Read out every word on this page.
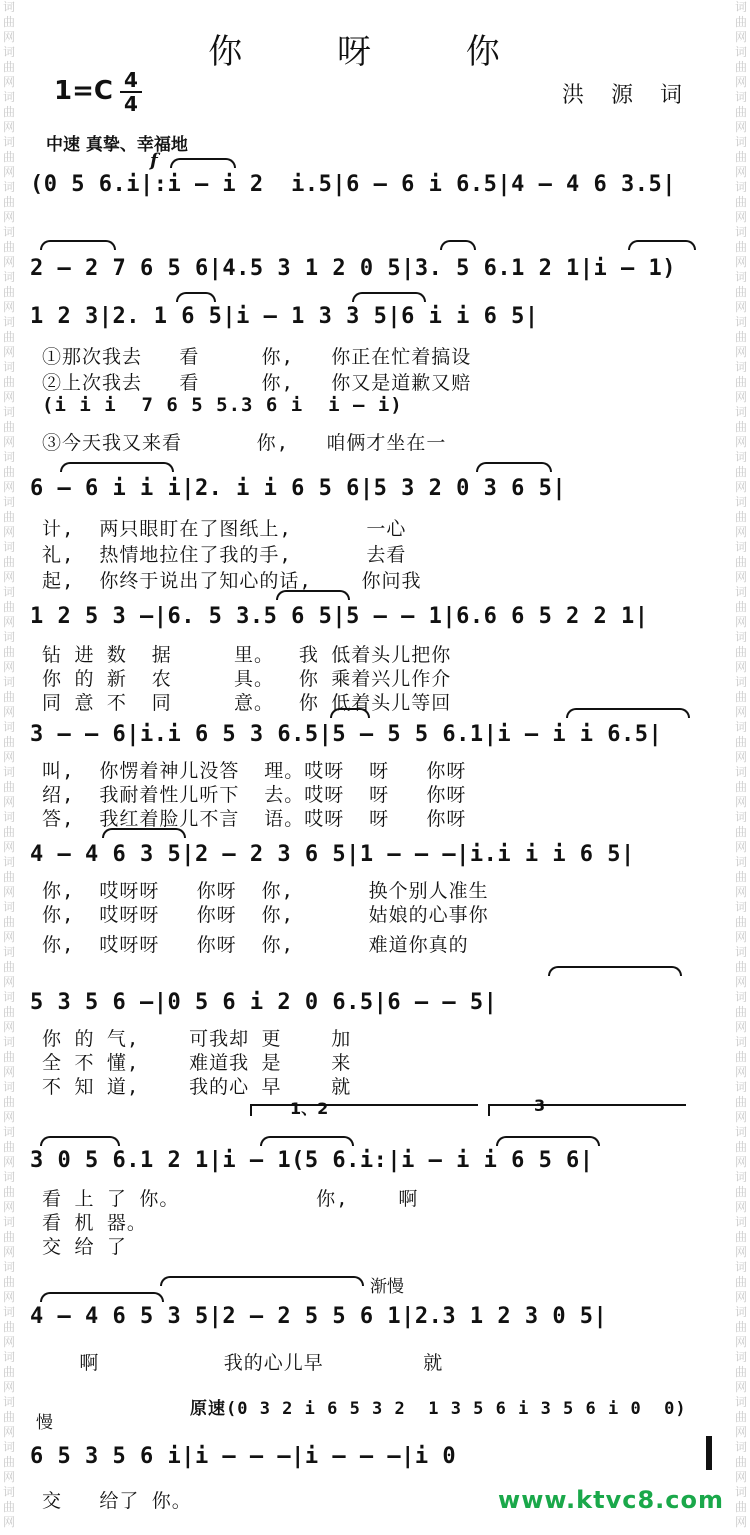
词
曲
网
词
曲
网
词
曲
网
词
曲
网
词
曲
网
词
曲
网
词
曲
网
词
曲
网
词
曲
网
词
曲
网
词
曲
网
词
曲
网
词
曲
网
词
曲
网
词
曲
网
词
曲
网
词
曲
网
词
曲
网
词
曲
网
词
曲
网
词
曲
网
词
曲
网
词
曲
网
词
曲
网
词
曲
网
词
曲
网
词
曲
网
词
曲
网
词
曲
网
词
曲
网
词
曲
网
词
曲
网
词
曲
网
词
曲
网
词
曲
网
词
曲
网
词
曲
网
词
曲
网
词
曲
网
词
曲
网
词
曲
网
词
曲
网
词
曲
网
词
曲
网
词
曲
网
词
曲
网
词
曲
网
词
曲
网
词
曲
网
词
曲
网
词
曲
网
词
曲
网
词
曲
网
词
曲
网
词
曲
网
词
曲
网
词
曲
网
词
曲
网
词
曲
网
词
曲
网
词
曲
网
词
曲
网
词
曲
网
词
曲
网
词
曲
网
词
曲
网
词
曲
网
词
曲
网
你 呀 你
1=C 4
4	洪 源 词
中速 真挚、幸福地
f
(0 5 6.i|:i — i 2  i.5|6 — 6 i 6.5|4 — 4 6 3.5|
2 — 2 7 6 5 6|4.5 3 1 2 0 5|3. 5 6.1 2 1|i — 1)
1 2 3|2. 1 6 5|i — 1 3 3 5|6 i i 6 5|
①那次我去   看     你,   你正在忙着搞设
②上次我去   看     你,   你又是道歉又赔
(i i i  7 6 5 5.3 6 i  i — i)
③今天我又来看      你,   咱俩才坐在一
6 — 6 i i i|2. i i 6 5 6|5 3 2 0 3 6 5|
计,  两只眼盯在了图纸上,      一心
礼,  热情地拉住了我的手,      去看
起,  你终于说出了知心的话,    你问我
1 2 5 3 —|6. 5 3.5 6 5|5 — — 1|6.6 6 5 2 2 1|
钻 进 数  据     里。  我 低着头儿把你
你 的 新  农     具。  你 乘着兴儿作介
同 意 不  同     意。  你 低着头儿等回
3 — — 6|i.i 6 5 3 6.5|5 — 5 5 6.1|i — i i 6.5|
叫,  你愣着神儿没答  理。哎呀  呀   你呀
绍,  我耐着性儿听下  去。哎呀  呀   你呀
答,  我红着脸儿不言  语。哎呀  呀   你呀
4 — 4 6 3 5|2 — 2 3 6 5|1 — — —|i.i i i 6 5|
你,  哎呀呀   你呀  你,      换个别人准生
你,  哎呀呀   你呀  你,      姑娘的心事你
你,  哎呀呀   你呀  你,      难道你真的
5 3 5 6 —|0 5 6 i 2 0 6.5|6 — — 5|
你 的 气,    可我却 更    加
全 不 懂,    难道我 是    来
不 知 道,    我的心 早    就
1、2	3
3 0 5 6.1 2 1|i — 1(5 6.i:|i — i i 6 5 6|
看 上 了 你。           你,    啊
看 机 器。
交 给 了
渐慢
4 — 4 6 5 3 5|2 — 2 5 5 6 1|2.3 1 2 3 0 5|
啊          我的心儿早        就
原速(0 3 2 i 6 5 3 2  1 3 5 6 i 3 5 6 i 0  0)
慢
6 5 3 5 6 i|i — — —|i — — —|i 0
交   给了 你。	www.ktvc8.com
